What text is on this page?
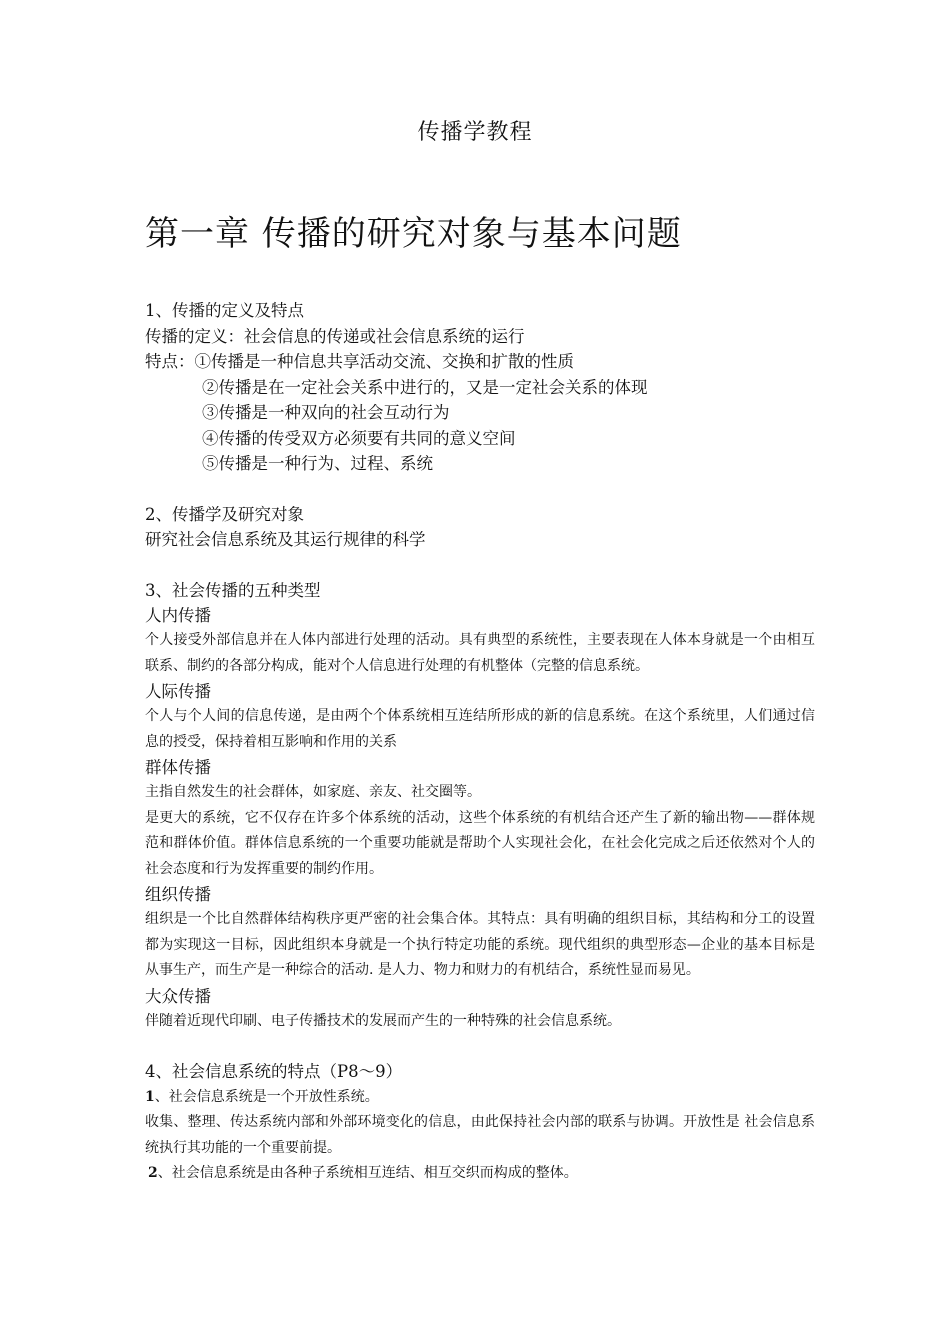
传播学教程
第一章 传播的研究对象与基本问题
1、传播的定义及特点
传播的定义：社会信息的传递或社会信息系统的运行
特点：①传播是一种信息共享活动交流、交换和扩散的性质
②传播是在一定社会关系中进行的，又是一定社会关系的体现
③传播是一种双向的社会互动行为
④传播的传受双方必须要有共同的意义空间
⑤传播是一种行为、过程、系统
2、传播学及研究对象
研究社会信息系统及其运行规律的科学
3、社会传播的五种类型
人内传播
个人接受外部信息并在人体内部进行处理的活动。具有典型的系统性，主要表现在人体本身就是一个由相互联系、制约的各部分构成，能对个人信息进行处理的有机整体（完整的信息系统。
人际传播
个人与个人间的信息传递，是由两个个体系统相互连结所形成的新的信息系统。在这个系统里，人们通过信息的授受，保持着相互影响和作用的关系
群体传播
主指自然发生的社会群体，如家庭、亲友、社交圈等。
是更大的系统，它不仅存在许多个体系统的活动，这些个体系统的有机结合还产生了新的输出物——群体规范和群体价值。群体信息系统的一个重要功能就是帮助个人实现社会化，在社会化完成之后还依然对个人的社会态度和行为发挥重要的制约作用。
组织传播
组织是一个比自然群体结构秩序更严密的社会集合体。其特点：具有明确的组织目标，其结构和分工的设置都为实现这一目标，因此组织本身就是一个执行特定功能的系统。现代组织的典型形态—企业的基本目标是从事生产，而生产是一种综合的活动. 是人力、物力和财力的有机结合，系统性显而易见。
大众传播
伴随着近现代印刷、电子传播技术的发展而产生的一种特殊的社会信息系统。
4、社会信息系统的特点（P8～9）
1、社会信息系统是一个开放性系统。
收集、整理、传达系统内部和外部环境变化的信息，由此保持社会内部的联系与协调。开放性是 社会信息系统执行其功能的一个重要前提。
2、社会信息系统是由各种子系统相互连结、相互交织而构成的整体。
